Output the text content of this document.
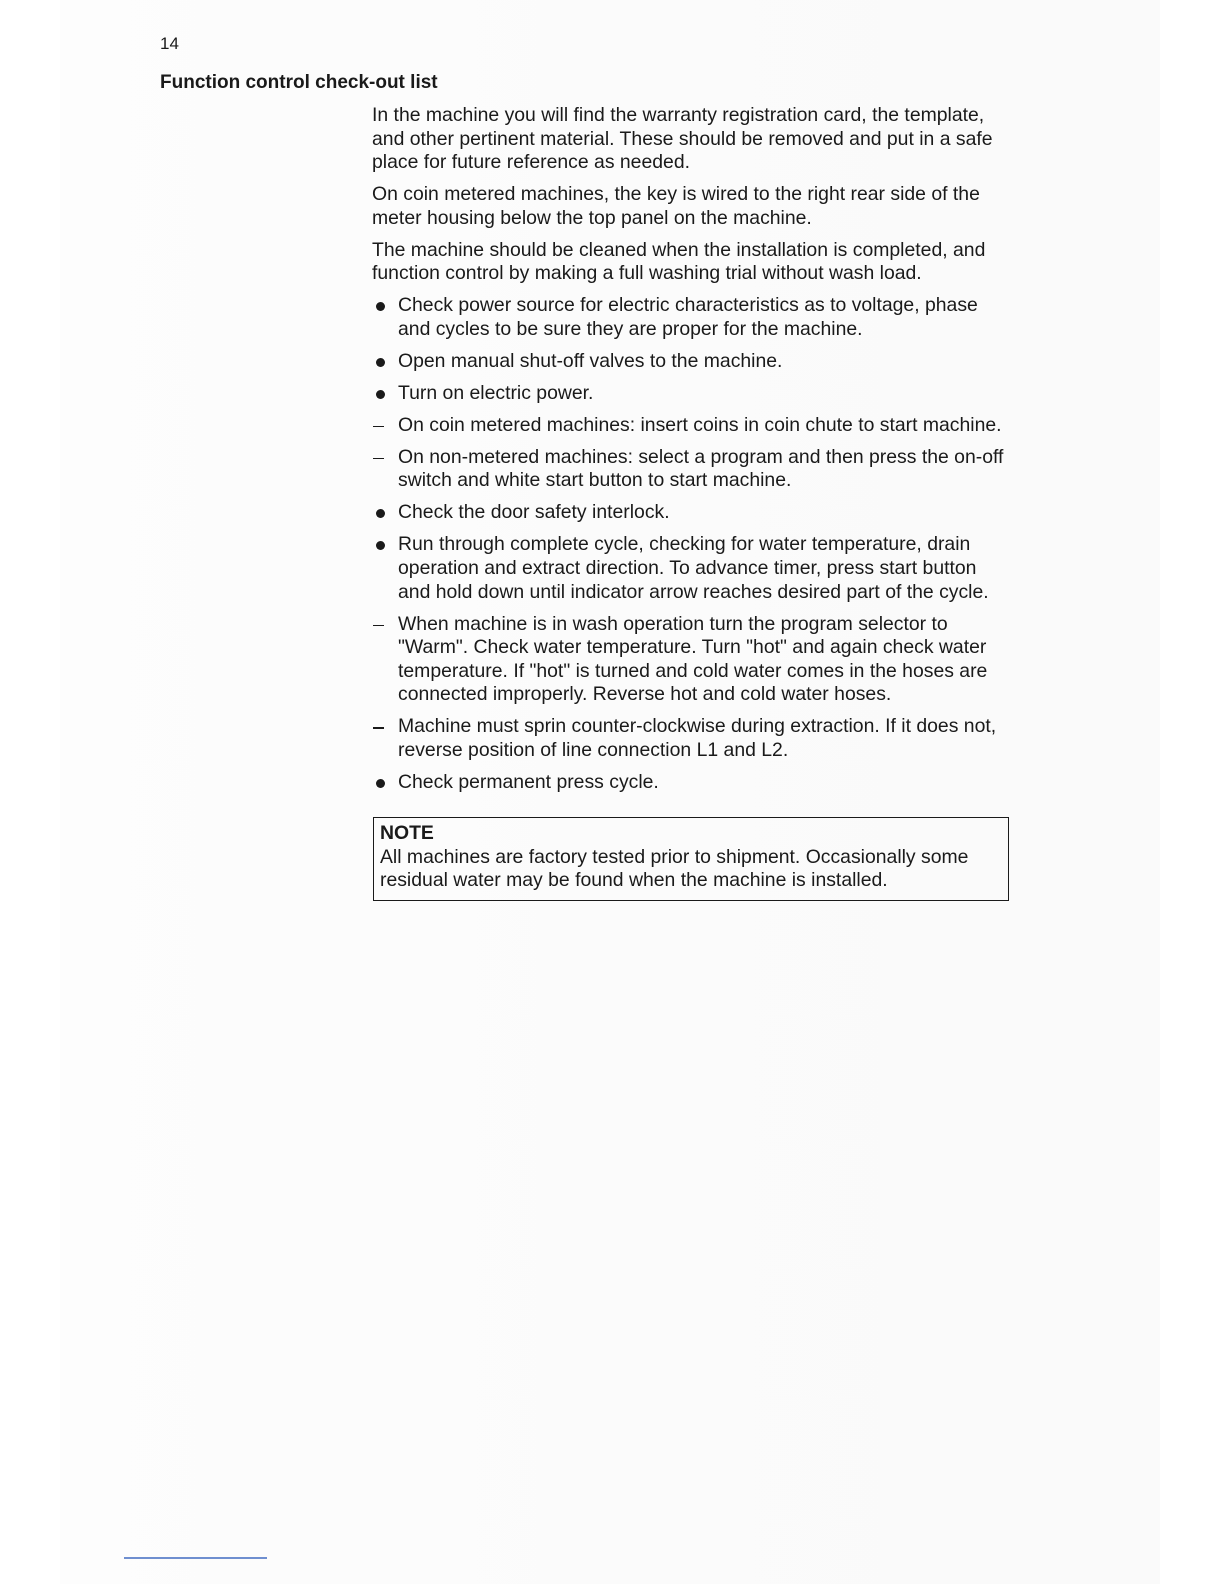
14
Function control check-out list

In the machine you will find the warranty registration card, the template, and other pertinent material. These should be removed and put in a safe place for future reference as needed.

On coin metered machines, the key is wired to the right rear side of the meter housing below the top panel on the machine.

The machine should be cleaned when the installation is completed, and function control by making a full washing trial without wash load.

Check power source for electric characteristics as to voltage, phase and cycles to be sure they are proper for the machine.
Open manual shut-off valves to the machine.
Turn on electric power.
On coin metered machines: insert coins in coin chute to start machine.
On non-metered machines: select a program and then press the on-off switch and white start button to start machine.
Check the door safety interlock.
Run through complete cycle, checking for water temperature, drain operation and extract direction. To advance timer, press start button and hold down until indicator arrow reaches desired part of the cycle.
When machine is in wash operation turn the program selector to "Warm". Check water temperature. Turn "hot" and again check water temperature. If "hot" is turned and cold water comes in the hoses are connected improperly. Reverse hot and cold water hoses.
Machine must sprin counter-clockwise during extraction. If it does not, reverse position of line connection L1 and L2.
Check permanent press cycle.
NOTE
All machines are factory tested prior to shipment. Occasionally some residual water may be found when the machine is installed.
